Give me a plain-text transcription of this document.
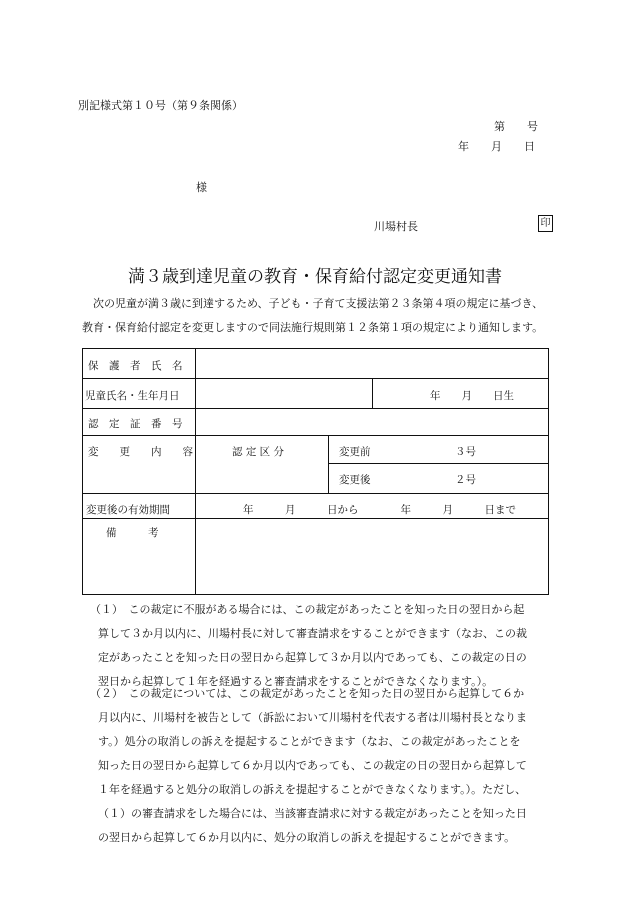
別記様式第１０号（第９条関係）
第　　号
年　　月　　日
様
川場村長	印
満３歳到達児童の教育・保育給付認定変更通知書
次の児童が満３歳に到達するため、子ども・子育て支援法第２３条第４項の規定に基づき、
教育・保育給付認定を変更しますので同法施行規則第１２条第１項の規定により通知します。
保　護　者　氏　名
児童氏名・生年月日	年　　月　　日生
認　定　証　番　号
変　　更　　内　　容	認 定 区 分	変更前	３号
変更後	２号
変更後の有効期間	年　　　月　　　日から　　　　年　　　月　　　日まで
備　　　考
（１）　この裁定に不服がある場合には、この裁定があったことを知った日の翌日から起
算して３か月以内に、川場村長に対して審査請求をすることができます（なお、この裁
定があったことを知った日の翌日から起算して３か月以内であっても、この裁定の日の
翌日から起算して１年を経過すると審査請求をすることができなくなります。）。
（２）　この裁定については、この裁定があったことを知った日の翌日から起算して６か
月以内に、川場村を被告として（訴訟において川場村を代表する者は川場村長となりま
す。）処分の取消しの訴えを提起することができます（なお、この裁定があったことを
知った日の翌日から起算して６か月以内であっても、この裁定の日の翌日から起算して
１年を経過すると処分の取消しの訴えを提起することができなくなります。）。ただし、
（１）の審査請求をした場合には、当該審査請求に対する裁定があったことを知った日
の翌日から起算して６か月以内に、処分の取消しの訴えを提起することができます。
